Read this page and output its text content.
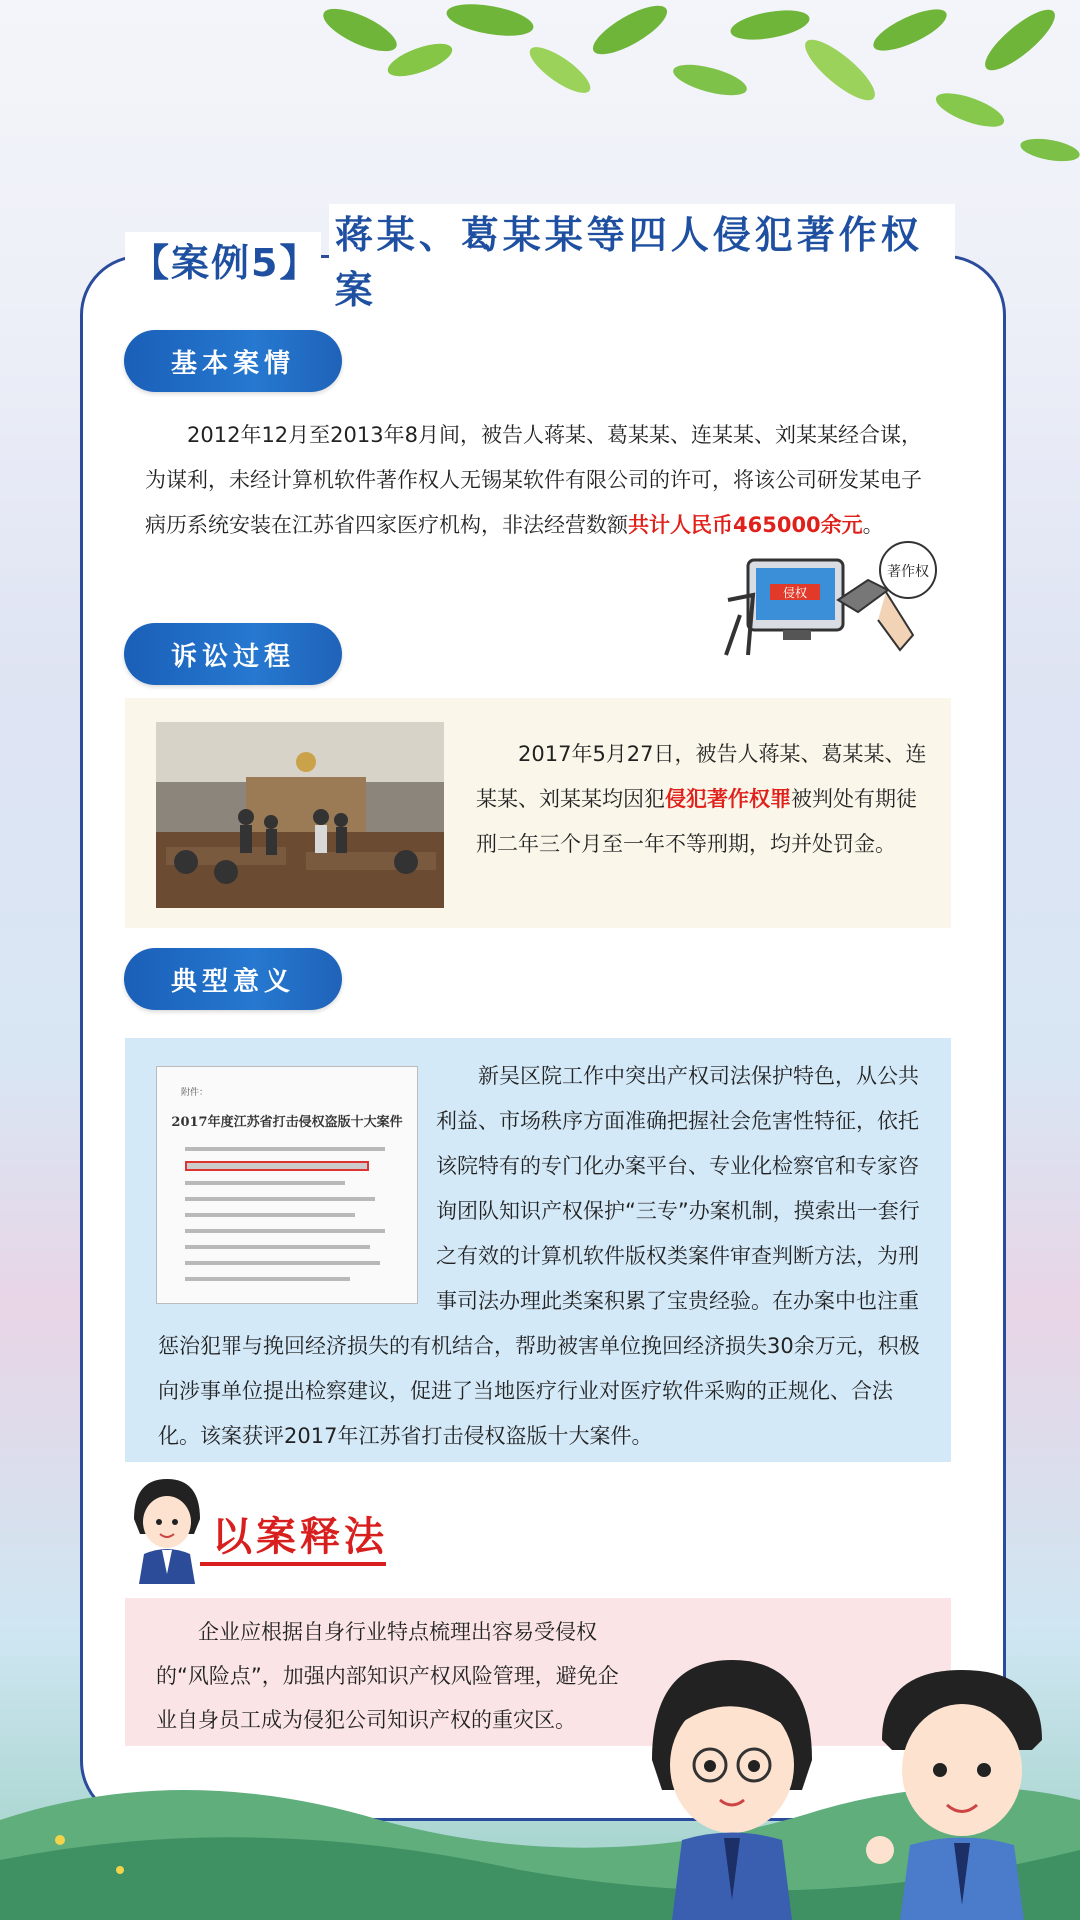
【案例5】
蒋某、葛某某等四人侵犯著作权案
基本案情

2012年12月至2013年8月间，被告人蒋某、葛某某、连某某、刘某某经合谋，为谋利，未经计算机软件著作权人无锡某软件有限公司的许可，将该公司研发某电子病历系统安装在江苏省四家医疗机构，非法经营数额共计人民币465000余元。

侵权
著作权
诉讼过程

2017年5月27日，被告人蒋某、葛某某、连某某、刘某某均因犯侵犯著作权罪被判处有期徒刑二年三个月至一年不等刑期，均并处罚金。

典型意义
附件：
2017年度江苏省打击侵权盗版十大案件

新吴区院工作中突出产权司法保护特色，从公共利益、市场秩序方面准确把握社会危害性特征，依托该院特有的专门化办案平台、专业化检察官和专家咨询团队知识产权保护“三专”办案机制，摸索出一套行之有效的计算机软件版权类案件审查判断方法，为刑事司法办理此类案积累了宝贵经验。在办案中也注重惩治犯罪与挽回经济损失的有机结合，帮助被害单位挽回经济损失30余万元，积极向涉事单位提出检察建议，促进了当地医疗行业对医疗软件采购的正规化、合法化。该案获评2017年江苏省打击侵权盗版十大案件。

以案释法

企业应根据自身行业特点梳理出容易受侵权的“风险点”，加强内部知识产权风险管理，避免企业自身员工成为侵犯公司知识产权的重灾区。
